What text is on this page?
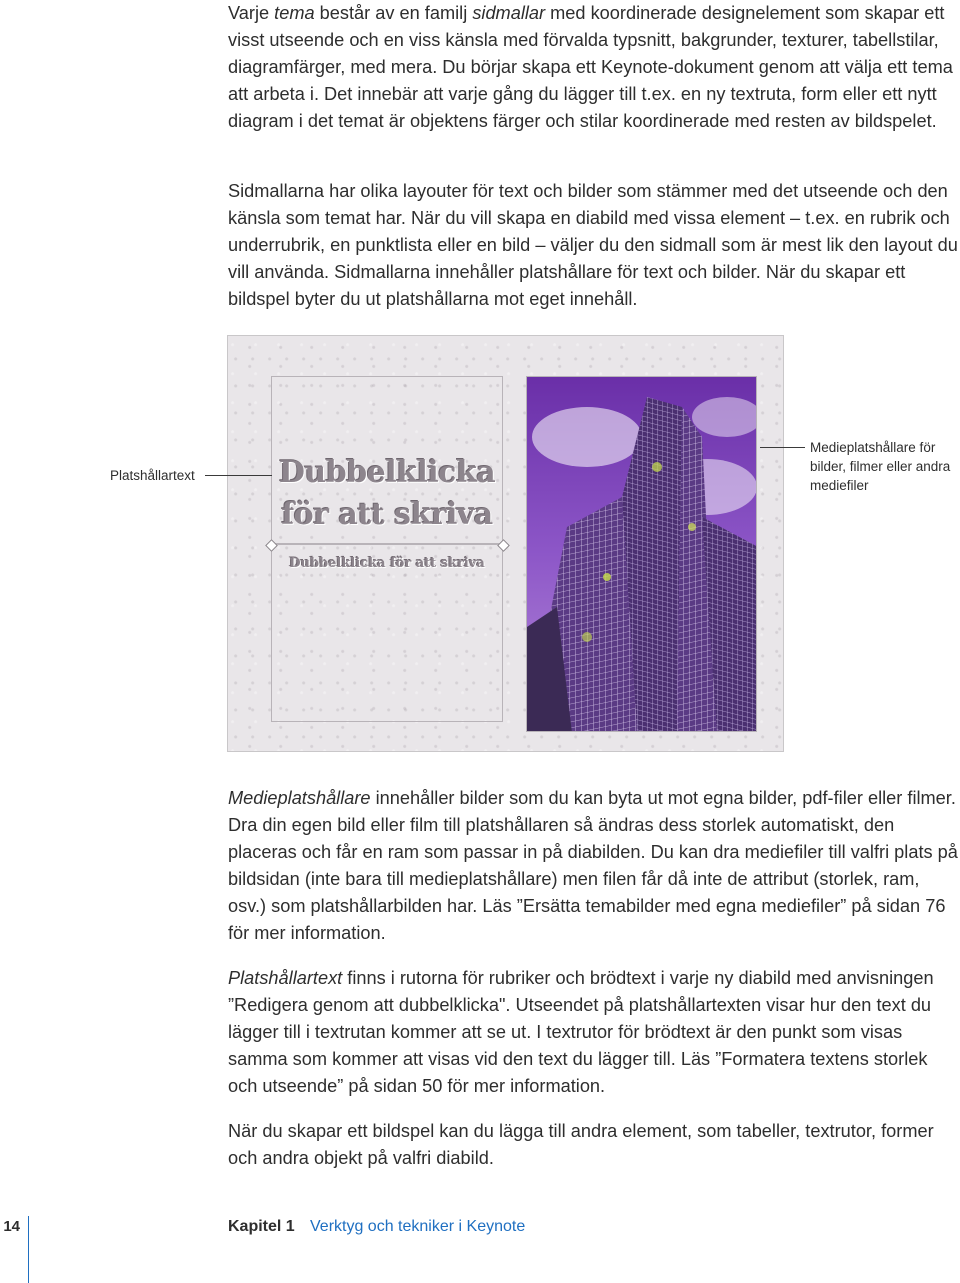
Varje tema består av en familj sidmallar med koordinerade designelement som skapar ett visst utseende och en viss känsla med förvalda typsnitt, bakgrunder, texturer, tabellstilar, diagramfärger, med mera. Du börjar skapa ett Keynote-dokument genom att välja ett tema att arbeta i. Det innebär att varje gång du lägger till t.ex. en ny textruta, form eller ett nytt diagram i det temat är objektens färger och stilar koordinerade med resten av bildspelet.

Sidmallarna har olika layouter för text och bilder som stämmer med det utseende och den känsla som temat har. När du vill skapa en diabild med vissa element – t.ex. en rubrik och underrubrik, en punktlista eller en bild – väljer du den sidmall som är mest lik den layout du vill använda. Sidmallarna innehåller platshållare för text och bilder. När du skapar ett bildspel byter du ut platshållarna mot eget innehåll.

Dubbelklicka
för att skriva
Dubbelklicka för att skriva
Platshållartext
Medieplatshållare för bilder, filmer eller andra mediefiler

Medieplatshållare innehåller bilder som du kan byta ut mot egna bilder, pdf-filer eller filmer. Dra din egen bild eller film till platshållaren så ändras dess storlek automatiskt, den placeras och får en ram som passar in på diabilden. Du kan dra mediefiler till valfri plats på bildsidan (inte bara till medieplatshållare) men filen får då inte de attribut (storlek, ram, osv.) som platshållarbilden har. Läs ”Ersätta temabilder med egna mediefiler” på sidan 76 för mer information.

Platshållartext finns i rutorna för rubriker och brödtext i varje ny diabild med anvisningen ”Redigera genom att dubbelklicka". Utseendet på platshållartexten visar hur den text du lägger till i textrutan kommer att se ut. I textrutor för brödtext är den punkt som visas samma som kommer att visas vid den text du lägger till. Läs ”Formatera textens storlek och utseende” på sidan 50 för mer information.

När du skapar ett bildspel kan du lägga till andra element, som tabeller, textrutor, former och andra objekt på valfri diabild.

14	Kapitel 1 Verktyg och tekniker i Keynote
